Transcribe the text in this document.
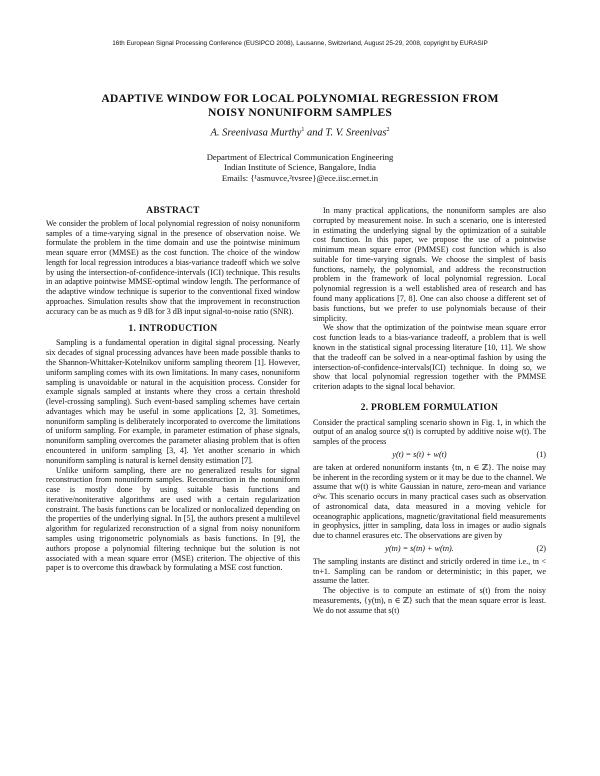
16th European Signal Processing Conference (EUSIPCO 2008), Lausanne, Switzerland, August 25-29, 2008, copyright by EURASIP
ADAPTIVE WINDOW FOR LOCAL POLYNOMIAL REGRESSION FROM
NOISY NONUNIFORM SAMPLES
A. Sreenivasa Murthy$^1$ and T. V. Sreenivas$^2$
Department of Electrical Communication Engineering
Indian Institute of Science, Bangalore, India
Emails: {¹asmuvce,²tvsree}@ece.iisc.ernet.in
ABSTRACT

We consider the problem of local polynomial regression of noisy nonuniform samples of a time-varying signal in the presence of observation noise. We formulate the problem in the time domain and use the pointwise minimum mean square error (MMSE) as the cost function. The choice of the window length for local regression introduces a bias-variance tradeoff which we solve by using the intersection-of-confidence-intervals (ICI) technique. This results in an adaptive pointwise MMSE-optimal window length. The performance of the adaptive window technique is superior to the conventional fixed window approaches. Simulation results show that the improvement in reconstruction accuracy can be as much as 9 dB for 3 dB input signal-to-noise ratio (SNR).

1. INTRODUCTION

Sampling is a fundamental operation in digital signal processing. Nearly six decades of signal processing advances have been made possible thanks to the Shannon-Whittaker-Kotelnikov uniform sampling theorem [1]. However, uniform sampling comes with its own limitations. In many cases, nonuniform sampling is unavoidable or natural in the acquisition process. Consider for example signals sampled at instants where they cross a certain threshold (level-crossing sampling). Such event-based sampling schemes have certain advantages which may be useful in some applications [2, 3]. Sometimes, nonuniform sampling is deliberately incorporated to overcome the limitations of uniform sampling. For example, in parameter estimation of phase signals, nonuniform sampling overcomes the parameter aliasing problem that is often encountered in uniform sampling [3, 4]. Yet another scenario in which nonuniform sampling is natural is kernel density estimation [7].

Unlike uniform sampling, there are no generalized results for signal reconstruction from nonuniform samples. Reconstruction in the nonuniform case is mostly done by using suitable basis functions and iterative/noniterative algorithms are used with a certain regularization constraint. The basis functions can be localized or nonlocalized depending on the properties of the underlying signal. In [5], the authors present a multilevel algorithm for regularized reconstruction of a signal from noisy nonuniform samples using trigonometric polynomials as basis functions. In [9], the authors propose a polynomial filtering technique but the solution is not associated with a mean square error (MSE) criterion. The objective of this paper is to overcome this drawback by formulating a MSE cost function.

In many practical applications, the nonuniform samples are also corrupted by measurement noise. In such a scenario, one is interested in estimating the underlying signal by the optimization of a suitable cost function. In this paper, we propose the use of a pointwise minimum mean square error (PMMSE) cost function which is also suitable for time-varying signals. We choose the simplest of basis functions, namely, the polynomial, and address the reconstruction problem in the framework of local polynomial regression. Local polynomial regression is a well established area of research and has found many applications [7, 8]. One can also choose a different set of basis functions, but we prefer to use polynomials because of their simplicity.

We show that the optimization of the pointwise mean square error cost function leads to a bias-variance tradeoff, a problem that is well known in the statistical signal processing literature [10, 11]. We show that the tradeoff can be solved in a near-optimal fashion by using the intersection-of-confidence-intervals(ICI) technique. In doing so, we show that local polynomial regression together with the PMMSE criterion adapts to the signal local behavior.

2. PROBLEM FORMULATION

Consider the practical sampling scenario shown in Fig. 1, in which the output of an analog source s(t) is corrupted by additive noise w(t). The samples of the process

y(t) = s(t) + w(t)	(1)

are taken at ordered nonuniform instants {tn, n ∈ ℤ}. The noise may be inherent in the recording system or it may be due to the channel. We assume that w(t) is white Gaussian in nature, zero-mean and variance σ²w. This scenario occurs in many practical cases such as observation of astronomical data, data measured in a moving vehicle for oceanographic applications, magnetic/gravitational field measurements in geophysics, jitter in sampling, data loss in images or audio signals due to channel erasures etc. The observations are given by

y(tn) = s(tn) + w(tn).	(2)

The sampling instants are distinct and strictly ordered in time i.e., tn < tn+1. Sampling can be random or deterministic; in this paper, we assume the latter.

The objective is to compute an estimate of s(t) from the noisy measurements, {y(tn), n ∈ ℤ} such that the mean square error is least. We do not assume that s(t)
